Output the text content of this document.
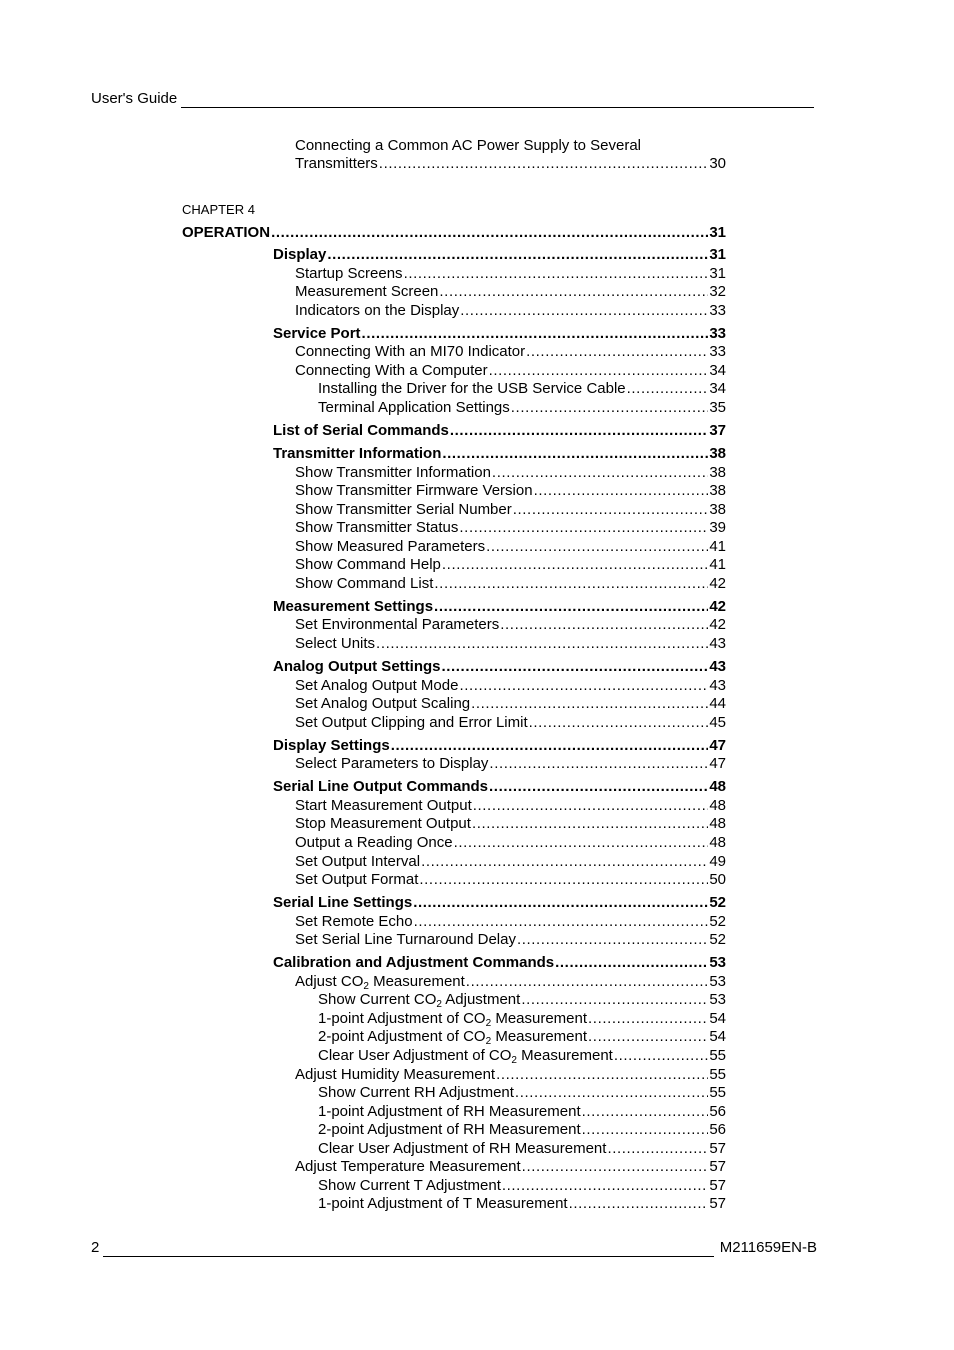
User's Guide
Connecting a Common AC Power Supply to Several
Transmitters .....	30
CHAPTER 4
OPERATION .....	31
Display .....	31
Startup Screens .....	31
Measurement Screen .....	32
Indicators on the Display .....	33
Service Port .....	33
Connecting With an MI70 Indicator .....	33
Connecting With a Computer .....	34
Installing the Driver for the USB Service Cable .....	34
Terminal Application Settings .....	35
List of Serial Commands .....	37
Transmitter Information .....	38
Show Transmitter Information .....	38
Show Transmitter Firmware Version .....	38
Show Transmitter Serial Number .....	38
Show Transmitter Status .....	39
Show Measured Parameters .....	41
Show Command Help .....	41
Show Command List .....	42
Measurement Settings .....	42
Set Environmental Parameters .....	42
Select Units .....	43
Analog Output Settings .....	43
Set Analog Output Mode .....	43
Set Analog Output Scaling .....	44
Set Output Clipping and Error Limit .....	45
Display Settings .....	47
Select Parameters to Display .....	47
Serial Line Output Commands .....	48
Start Measurement Output .....	48
Stop Measurement Output .....	48
Output a Reading Once .....	48
Set Output Interval .....	49
Set Output Format .....	50
Serial Line Settings .....	52
Set Remote Echo .....	52
Set Serial Line Turnaround Delay .....	52
Calibration and Adjustment Commands .....	53
Adjust $CO_2$ Measurement .....	53
Show Current $CO_2$ Adjustment .....	53
1-point Adjustment of $CO_2$ Measurement .....	54
2-point Adjustment of $CO_2$ Measurement .....	54
Clear User Adjustment of $CO_2$ Measurement .....	55
Adjust Humidity Measurement .....	55
Show Current RH Adjustment .....	55
1-point Adjustment of RH Measurement .....	56
2-point Adjustment of RH Measurement .....	56
Clear User Adjustment of RH Measurement .....	57
Adjust Temperature Measurement .....	57
Show Current T Adjustment .....	57
1-point Adjustment of T Measurement .....	57
2	M211659EN-B
